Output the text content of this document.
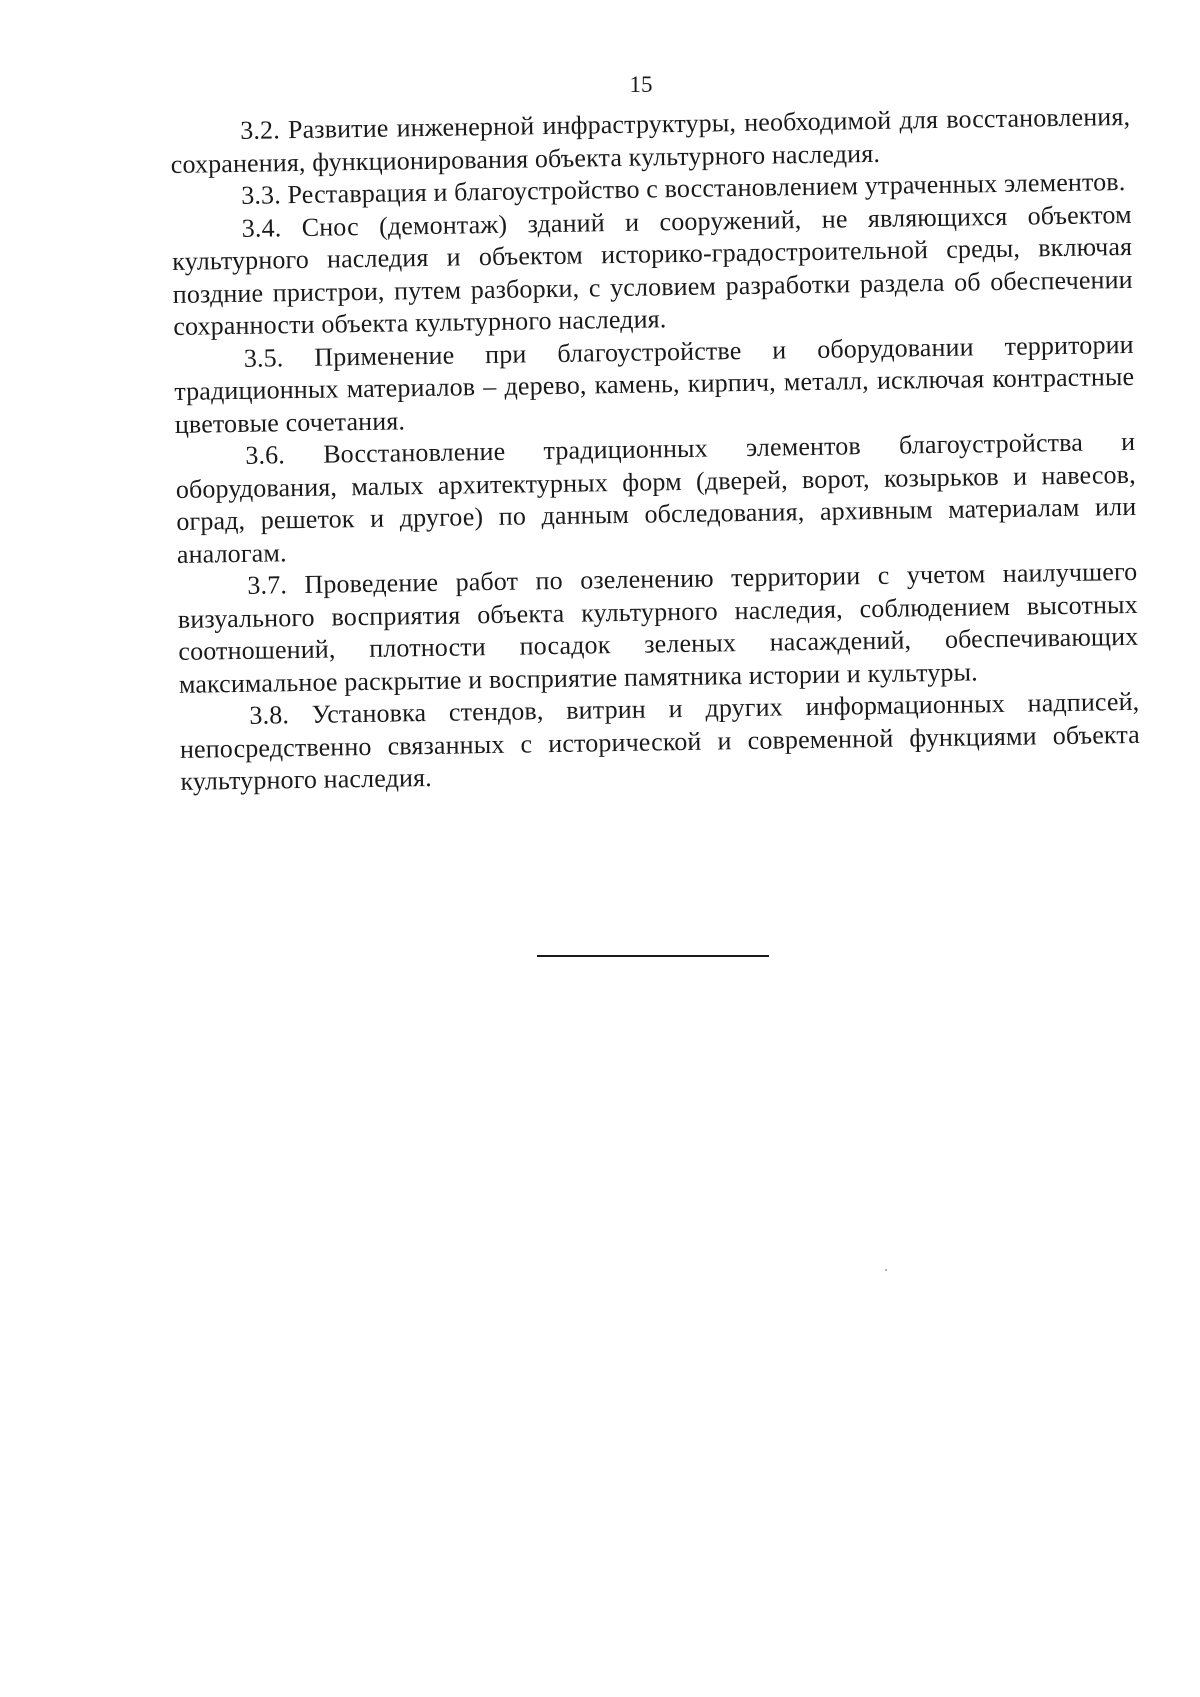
15

3.2. Развитие инженерной инфраструктуры, необходимой для восстановления, сохранения, функционирования объекта культурного наследия.

3.3. Реставрация и благоустройство с восстановлением утраченных элементов.

3.4. Снос (демонтаж) зданий и сооружений, не являющихся объектом культурного наследия и объектом историко-градостроительной среды, включая поздние пристрои, путем разборки, с условием разработки раздела об обеспечении сохранности объекта культурного наследия.

3.5. Применение при благоустройстве и оборудовании территории традиционных материалов – дерево, камень, кирпич, металл, исключая контрастные цветовые сочетания.

3.6. Восстановление традиционных элементов благоустройства и оборудования, малых архитектурных форм (дверей, ворот, козырьков и навесов, оград, решеток и другое) по данным обследования, архивным материалам или аналогам.

3.7. Проведение работ по озеленению территории с учетом наилучшего визуального восприятия объекта культурного наследия, соблюдением высотных соотношений, плотности посадок зеленых насаждений, обеспечивающих максимальное раскрытие и восприятие памятника истории и культуры.

3.8. Установка стендов, витрин и других информационных надписей, непосредственно связанных с исторической и современной функциями объекта культурного наследия.
